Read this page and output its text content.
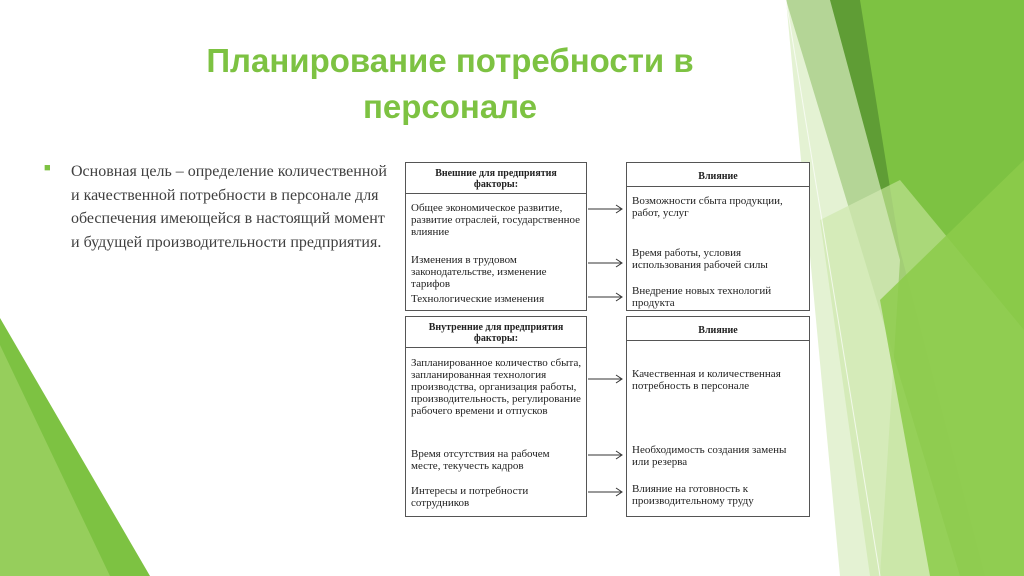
Планирование потребности в персонале
■ Основная цель – определение количественной и качественной потребности в персонале для обеспечения имеющейся в настоящий момент и будущей производительности предприятия.
Внешние для предприятия факторы:
Общее экономическое развитие, развитие отраслей, государственное влияние
Изменения в трудовом законодательстве, изменение тарифов
Технологические изменения
Влияние
Возможности сбыта продукции, работ, услуг
Время работы, условия использования рабочей силы
Внедрение новых технологий продукта
Внутренние для предприятия факторы:
Запланированное количество сбыта, запланированная технология производства, организация работы, производительность, регулирование рабочего времени и отпусков
Время отсутствия на рабочем месте, текучесть кадров
Интересы и потребности сотрудников
Влияние
Качественная и количественная потребность в персонале
Необходимость создания замены или резерва
Влияние на готовность к производительному труду
